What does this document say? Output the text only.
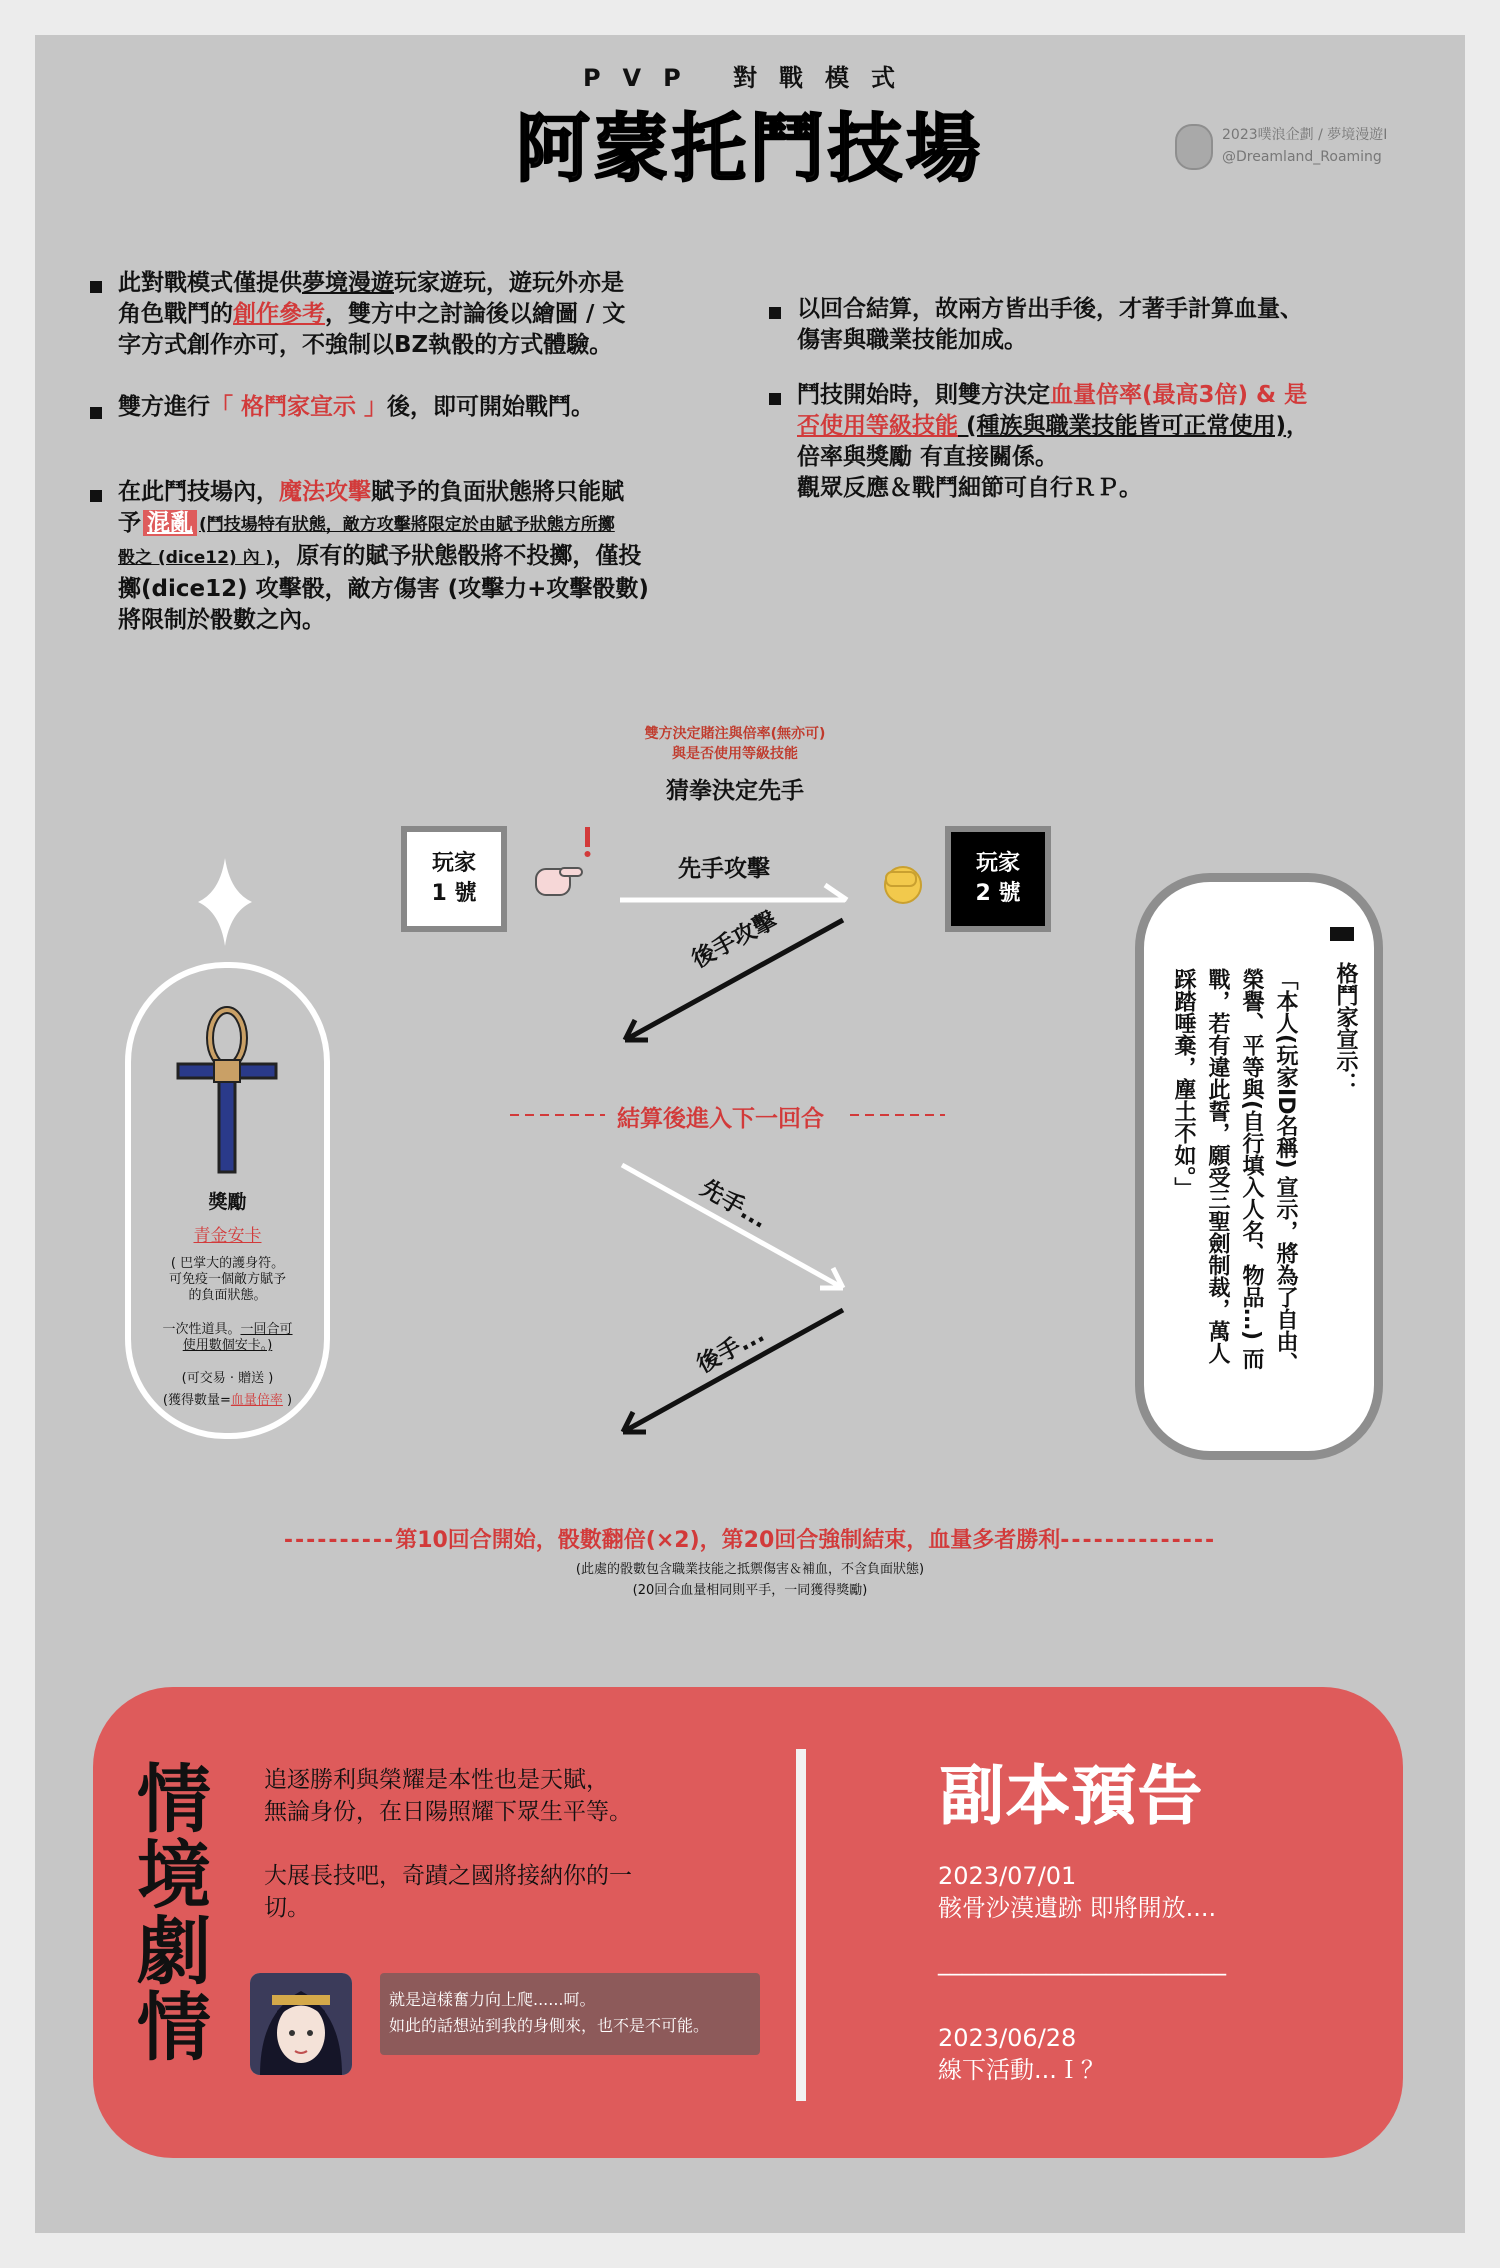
PVP 對戰模式
阿蒙托鬥技場	2023噗浪企劃 / 夢境漫遊I
@Dreamland_Roaming
此對戰模式僅提供夢境漫遊玩家遊玩，遊玩外亦是
角色戰鬥的創作參考，雙方中之討論後以繪圖 / 文
字方式創作亦可，不強制以BZ執骰的方式體驗。
雙方進行「 格鬥家宣示 」後，即可開始戰鬥。
在此鬥技場內，魔法攻擊賦予的負面狀態將只能賦
予 混亂 (鬥技場特有狀態，敵方攻擊將限定於由賦予狀態方所擲
骰之 (dice12) 內 )，原有的賦予狀態骰將不投擲，僅投
擲(dice12) 攻擊骰，敵方傷害 (攻擊力+攻擊骰數)
將限制於骰數之內。
以回合結算，故兩方皆出手後，才著手計算血量、
傷害與職業技能加成。
鬥技開始時，則雙方決定血量倍率(最高3倍) & 是
否使用等級技能 (種族與職業技能皆可正常使用)，
倍率與獎勵 有直接關係。
觀眾反應＆戰鬥細節可自行ＲＰ。
雙方決定賭注與倍率(無亦可)
與是否使用等級技能
猜拳決定先手
玩家
1 號
玩家
2 號
先手攻擊
後手攻擊
結算後進入下一回合
先手...
後手...
獎勵
青金安卡
( 巴掌大的護身符。
可免疫一個敵方賦予
的負面狀態。
一次性道具。一回合可
使用數個安卡。)
(可交易 · 贈送 )
(獲得數量=血量倍率 )
格鬥家宣示：
「本人(玩家ID名稱) 宣示，將為了自由、
榮譽、平等與(自行填入人名、物品…) 而
戰，若有違此誓，願受三聖劍制裁，萬人
踩踏唾棄，塵土不如。」
----------第10回合開始，骰數翻倍(×2)，第20回合強制結束，血量多者勝利--------------
(此處的骰數包含職業技能之抵禦傷害＆補血，不含負面狀態)
(20回合血量相同則平手，一同獲得獎勵)
情境劇情 追逐勝利與榮耀是本性也是天賦，
無論身份，在日陽照耀下眾生平等。
大展長技吧，奇蹟之國將接納你的一
切。
就是這樣奮力向上爬......呵。
如此的話想站到我的身側來，也不是不可能。
副本預告
2023/07/01
骸骨沙漠遺跡 即將開放....
________________________
2023/06/28
線下活動...Ｉ？
